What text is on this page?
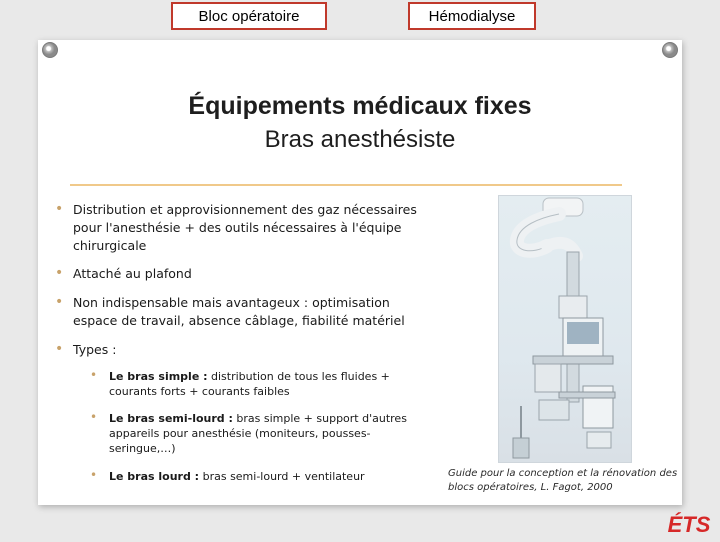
Bloc opératoire	Hémodialyse
Équipements médicaux fixes
Bras anesthésiste
• Distribution et approvisionnement des gaz nécessaires pour l'anesthésie + des outils nécessaires à l'équipe chirurgicale
• Attaché au plafond
• Non indispensable mais avantageux : optimisation espace de travail, absence câblage, fiabilité matériel
• Types :
• Le bras simple : distribution de tous les fluides + courants forts + courants faibles
• Le bras semi-lourd : bras simple + support d'autres appareils pour anesthésie (moniteurs, pousses-seringue,…)
• Le bras lourd : bras semi-lourd + ventilateur	Guide pour la conception et la rénovation des blocs opératoires, L. Fagot, 2000
ÉTS
